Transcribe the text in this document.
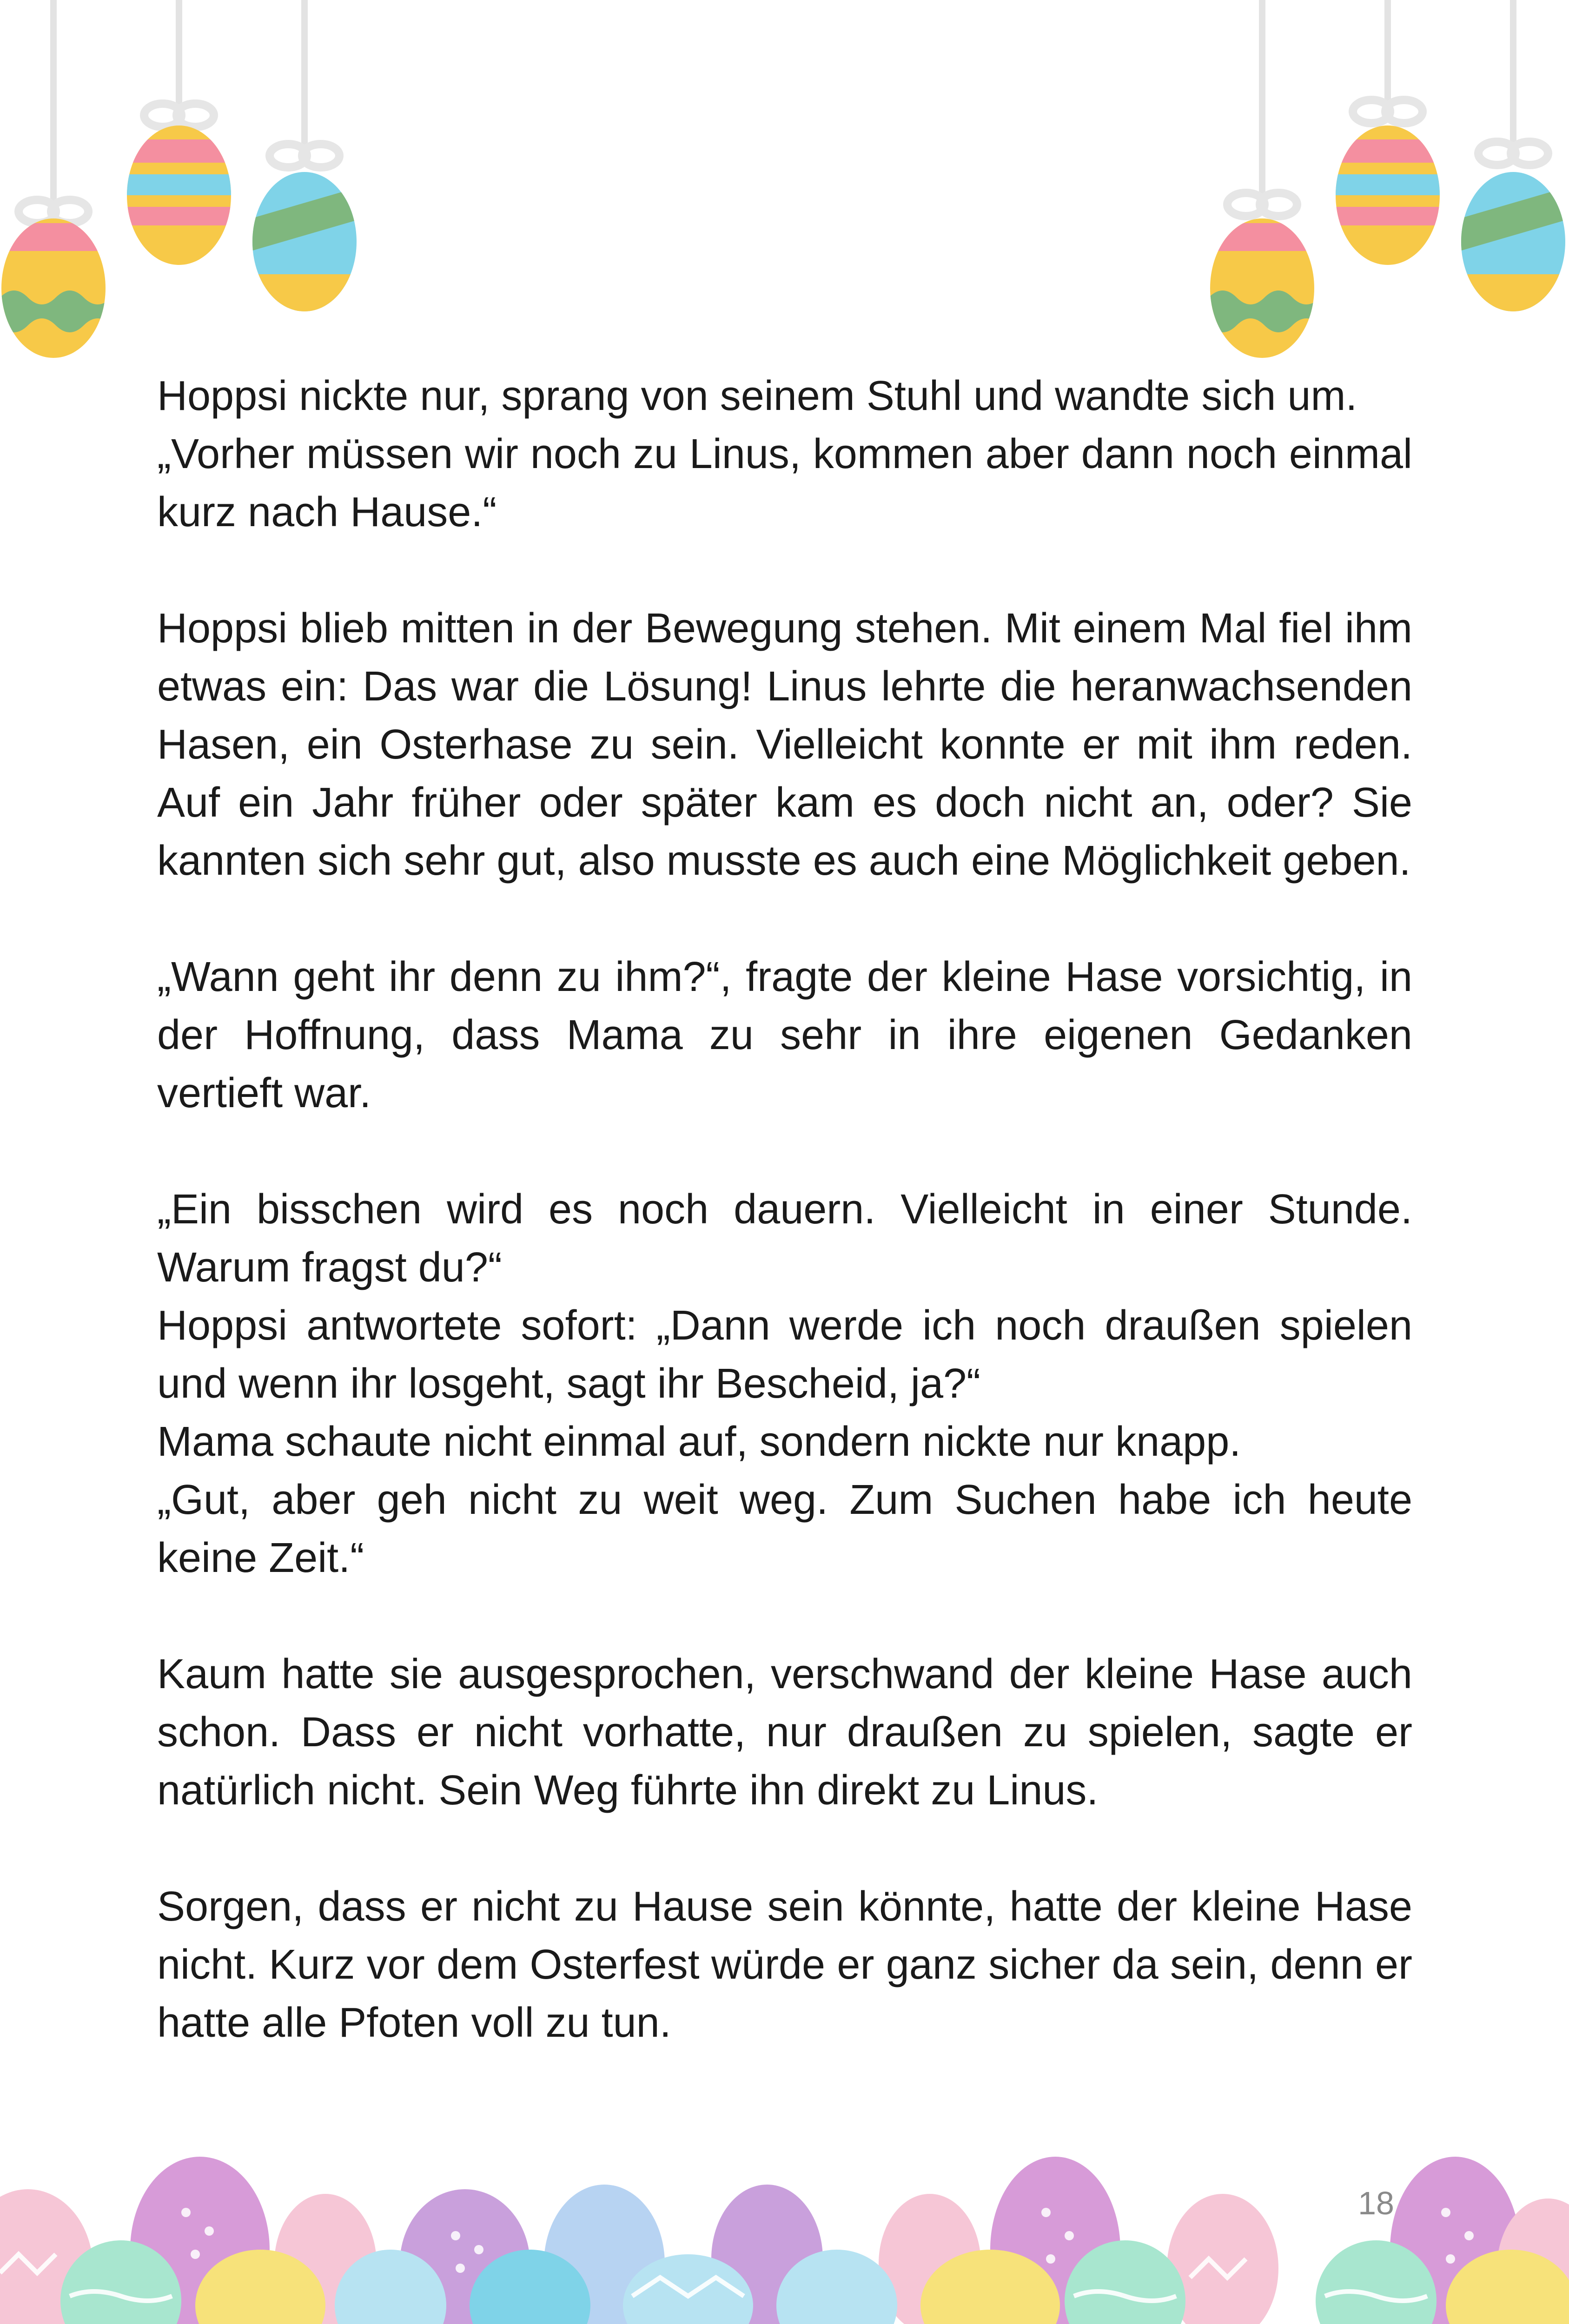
Hoppsi nickte nur, sprang von seinem Stuhl und wandte sich um.
„Vorher müssen wir noch zu Linus, kommen aber dann noch einmal kurz nach Hause.“
Hoppsi blieb mitten in der Bewegung stehen. Mit einem Mal fiel ihm etwas ein: Das war die Lösung! Linus lehrte die heranwachsenden Hasen, ein Osterhase zu sein. Vielleicht konnte er mit ihm reden. Auf ein Jahr früher oder später kam es doch nicht an, oder? Sie kannten sich sehr gut, also musste es auch eine Möglichkeit geben.
„Wann geht ihr denn zu ihm?“, fragte der kleine Hase vorsichtig, in der Hoffnung, dass Mama zu sehr in ihre eigenen Gedanken vertieft war.
„Ein bisschen wird es noch dauern. Vielleicht in einer Stunde. Warum fragst du?“
Hoppsi antwortete sofort: „Dann werde ich noch draußen spielen und wenn ihr losgeht, sagt ihr Bescheid, ja?“
Mama schaute nicht einmal auf, sondern nickte nur knapp.
„Gut, aber geh nicht zu weit weg. Zum Suchen habe ich heute keine Zeit.“
Kaum hatte sie ausgesprochen, verschwand der kleine Hase auch schon. Dass er nicht vorhatte, nur draußen zu spielen, sagte er natürlich nicht. Sein Weg führte ihn direkt zu Linus.
Sorgen, dass er nicht zu Hause sein könnte, hatte der kleine Hase nicht. Kurz vor dem Osterfest würde er ganz sicher da sein, denn er hatte alle Pfoten voll zu tun.
18
